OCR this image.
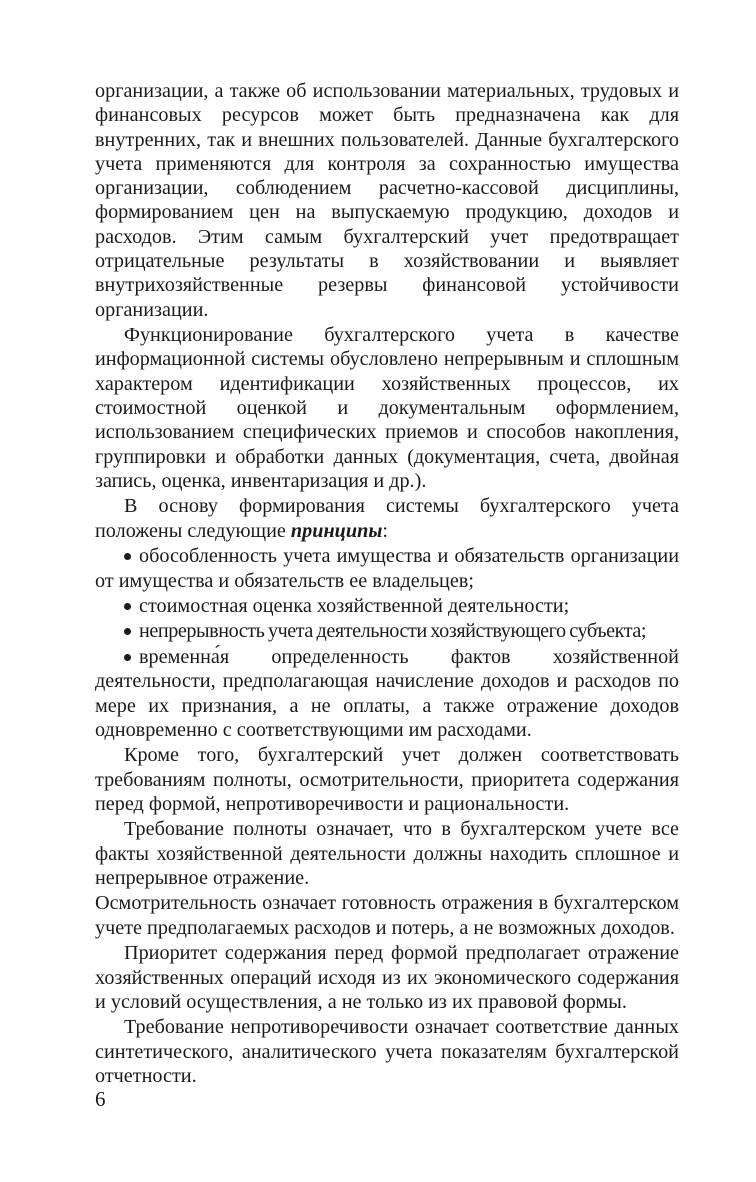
организации, а также об использовании материальных, трудовых и финансовых ресурсов может быть предназначена как для внутренних, так и внешних пользователей. Данные бухгалтерского учета применяются для контроля за сохранностью имущества организации, соблюдением расчетно-кассовой дисциплины, формированием цен на выпускаемую продукцию, доходов и расходов. Этим самым бухгалтерский учет предотвращает отрицательные результаты в хозяйствовании и выявляет внутрихозяйственные резервы финансовой устойчивости организации.

Функционирование бухгалтерского учета в качестве информационной системы обусловлено непрерывным и сплошным характером идентификации хозяйственных процессов, их стоимостной оценкой и документальным оформлением, использованием специфических приемов и способов накопления, группировки и обработки данных (документация, счета, двойная запись, оценка, инвентаризация и др.).

В основу формирования системы бухгалтерского учета положены следующие принципы:

обособленность учета имущества и обязательств организации от имущества и обязательств ее владельцев;
стоимостная оценка хозяйственной деятельности;
непрерывность учета деятельности хозяйствующего субъекта;
временна́я определенность фактов хозяйственной деятельности, предполагающая начисление доходов и расходов по мере их признания, а не оплаты, а также отражение доходов одновременно с соответствующими им расходами.

Кроме того, бухгалтерский учет должен соответствовать требованиям полноты, осмотрительности, приоритета содержания перед формой, непротиворечивости и рациональности.

Требование полноты означает, что в бухгалтерском учете все факты хозяйственной деятельности должны находить сплошное и непрерывное отражение.

Осмотрительность означает готовность отражения в бухгалтерском учете предполагаемых расходов и потерь, а не возможных доходов.

Приоритет содержания перед формой предполагает отражение хозяйственных операций исходя из их экономического содержания и условий осуществления, а не только из их правовой формы.

Требование непротиворечивости означает соответствие данных синтетического, аналитического учета показателям бухгалтерской отчетности.

6
